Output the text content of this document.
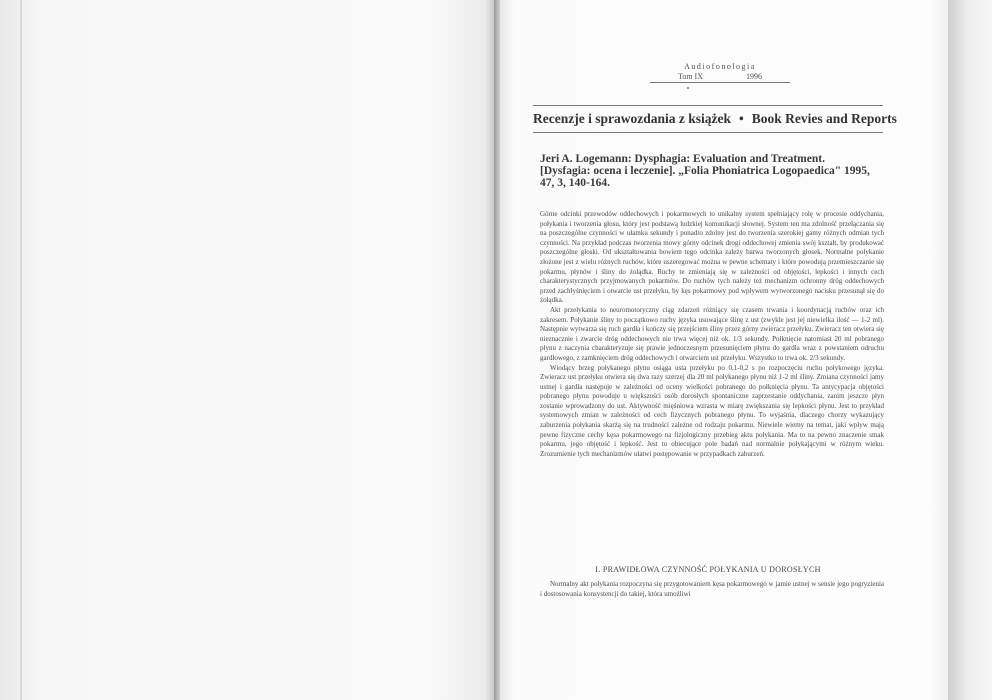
Audiofonologia
Tom IX	1996
Recenzje i sprawozdania z książek • Book Revies and Reports
Jeri A. Logemann: Dysphagia: Evaluation and Treatment.
[Dysfagia: ocena i leczenie]. „Folia Phoniatrica Logopaedica" 1995,
47, 3, 140-164.

Górne odcinki przewodów oddechowych i pokarmowych to unikalny system spełniający rolę w procesie oddychania, połykania i tworzenia głosu, który jest podstawą ludzkiej komunikacji słownej. System ten ma zdolność przełączania się na poszczególne czynności w ułamku sekundy i ponadto zdolny jest do tworzenia szerokiej gamy różnych odmian tych czynności. Na przykład podczas tworzenia mowy górny odcinek drogi oddechowej zmienia swój kształt, by produkować poszczególne głoski. Od ukształtowania bowiem tego odcinka zależy barwa tworzonych głosek. Normalne połykanie złożone jest z wielu różnych ruchów, które uszeregować można w pewne schematy i które powodują przemieszczanie się pokarmu, płynów i śliny do żołądka. Ruchy te zmieniają się w zależności od objętości, lepkości i innych cech charakterystycznych przyjmowanych pokarmów. Do ruchów tych należy też mechanizm ochronny dróg oddechowych przed zachłyśnięciem i otwarcie ust przełyku, by kęs pokarmowy pod wpływem wytworzonego nacisku przesunął się do żołądka.

Akt przełykania to neuromotoryczny ciąg zdarzeń różniący się czasem trwania i koordynacją ruchów oraz ich zakresem. Połykanie śliny to początkowo ruchy języka usuwające ślinę z ust (zwykle jest jej niewielka ilość — 1-2 ml). Następnie wytwarza się ruch gardła i kończy się przejściem śliny przez górny zwieracz przełyku. Zwieracz ten otwiera się nieznacznie i zwarcie dróg oddechowych nie trwa więcej niż ok. 1/3 sekundy. Połknięcie natomiast 20 ml pobranego płynu z naczynia charakteryzuje się prawie jednoczesnym przesunięciem płynu do gardła wraz z powstaniem odruchu gardłowego, z zamknięciem dróg oddechowych i otwarciem ust przełyku. Wszystko to trwa ok. 2/3 sekundy.

Wiodący brzeg połykanego płynu osiąga usta przełyku po 0,1-0,2 s po rozpoczęciu ruchu połykowego języka. Zwieracz ust przełyku otwiera się dwa razy szerzej dla 20 ml połykanego płynu niż 1-2 ml śliny. Zmiana czynności jamy ustnej i gardła następuje w zależności od oceny wielkości pobranego do połknięcia płynu. Ta antycypacja objętości pobranego płynu powoduje u większości osób dorosłych spontaniczne zaprzestanie oddychania, zanim jeszcze płyn zostanie wprowadzony do ust. Aktywność mięśniowa wzrasta w miarę zwiększania się lepkości płynu. Jest to przykład systemowych zmian w zależności od cech fizycznych pobranego płynu. To wyjaśnia, dlaczego chorzy wykazujący zaburzenia połykania skarżą się na trudności zależne od rodzaju pokarmu. Niewiele wiemy na temat, jaki wpływ mają pewne fizyczne cechy kęsa pokarmowego na fizjologiczny przebieg aktu połykania. Ma to na pewno znaczenie smak pokarmu, jego objętość i lepkość. Jest to obiecujące pole badań nad normalnie połykającymi w różnym wieku. Zrozumienie tych mechanizmów ułatwi postępowanie w przypadkach zaburzeń.

I. PRAWIDŁOWA CZYNNOŚĆ POŁYKANIA U DOROSŁYCH

Normalny akt połykania rozpoczyna się przygotowaniem kęsa pokarmowego w jamie ustnej w sensie jego pogryzienia i dostosowania konsystencji do takiej, która umożliwi
